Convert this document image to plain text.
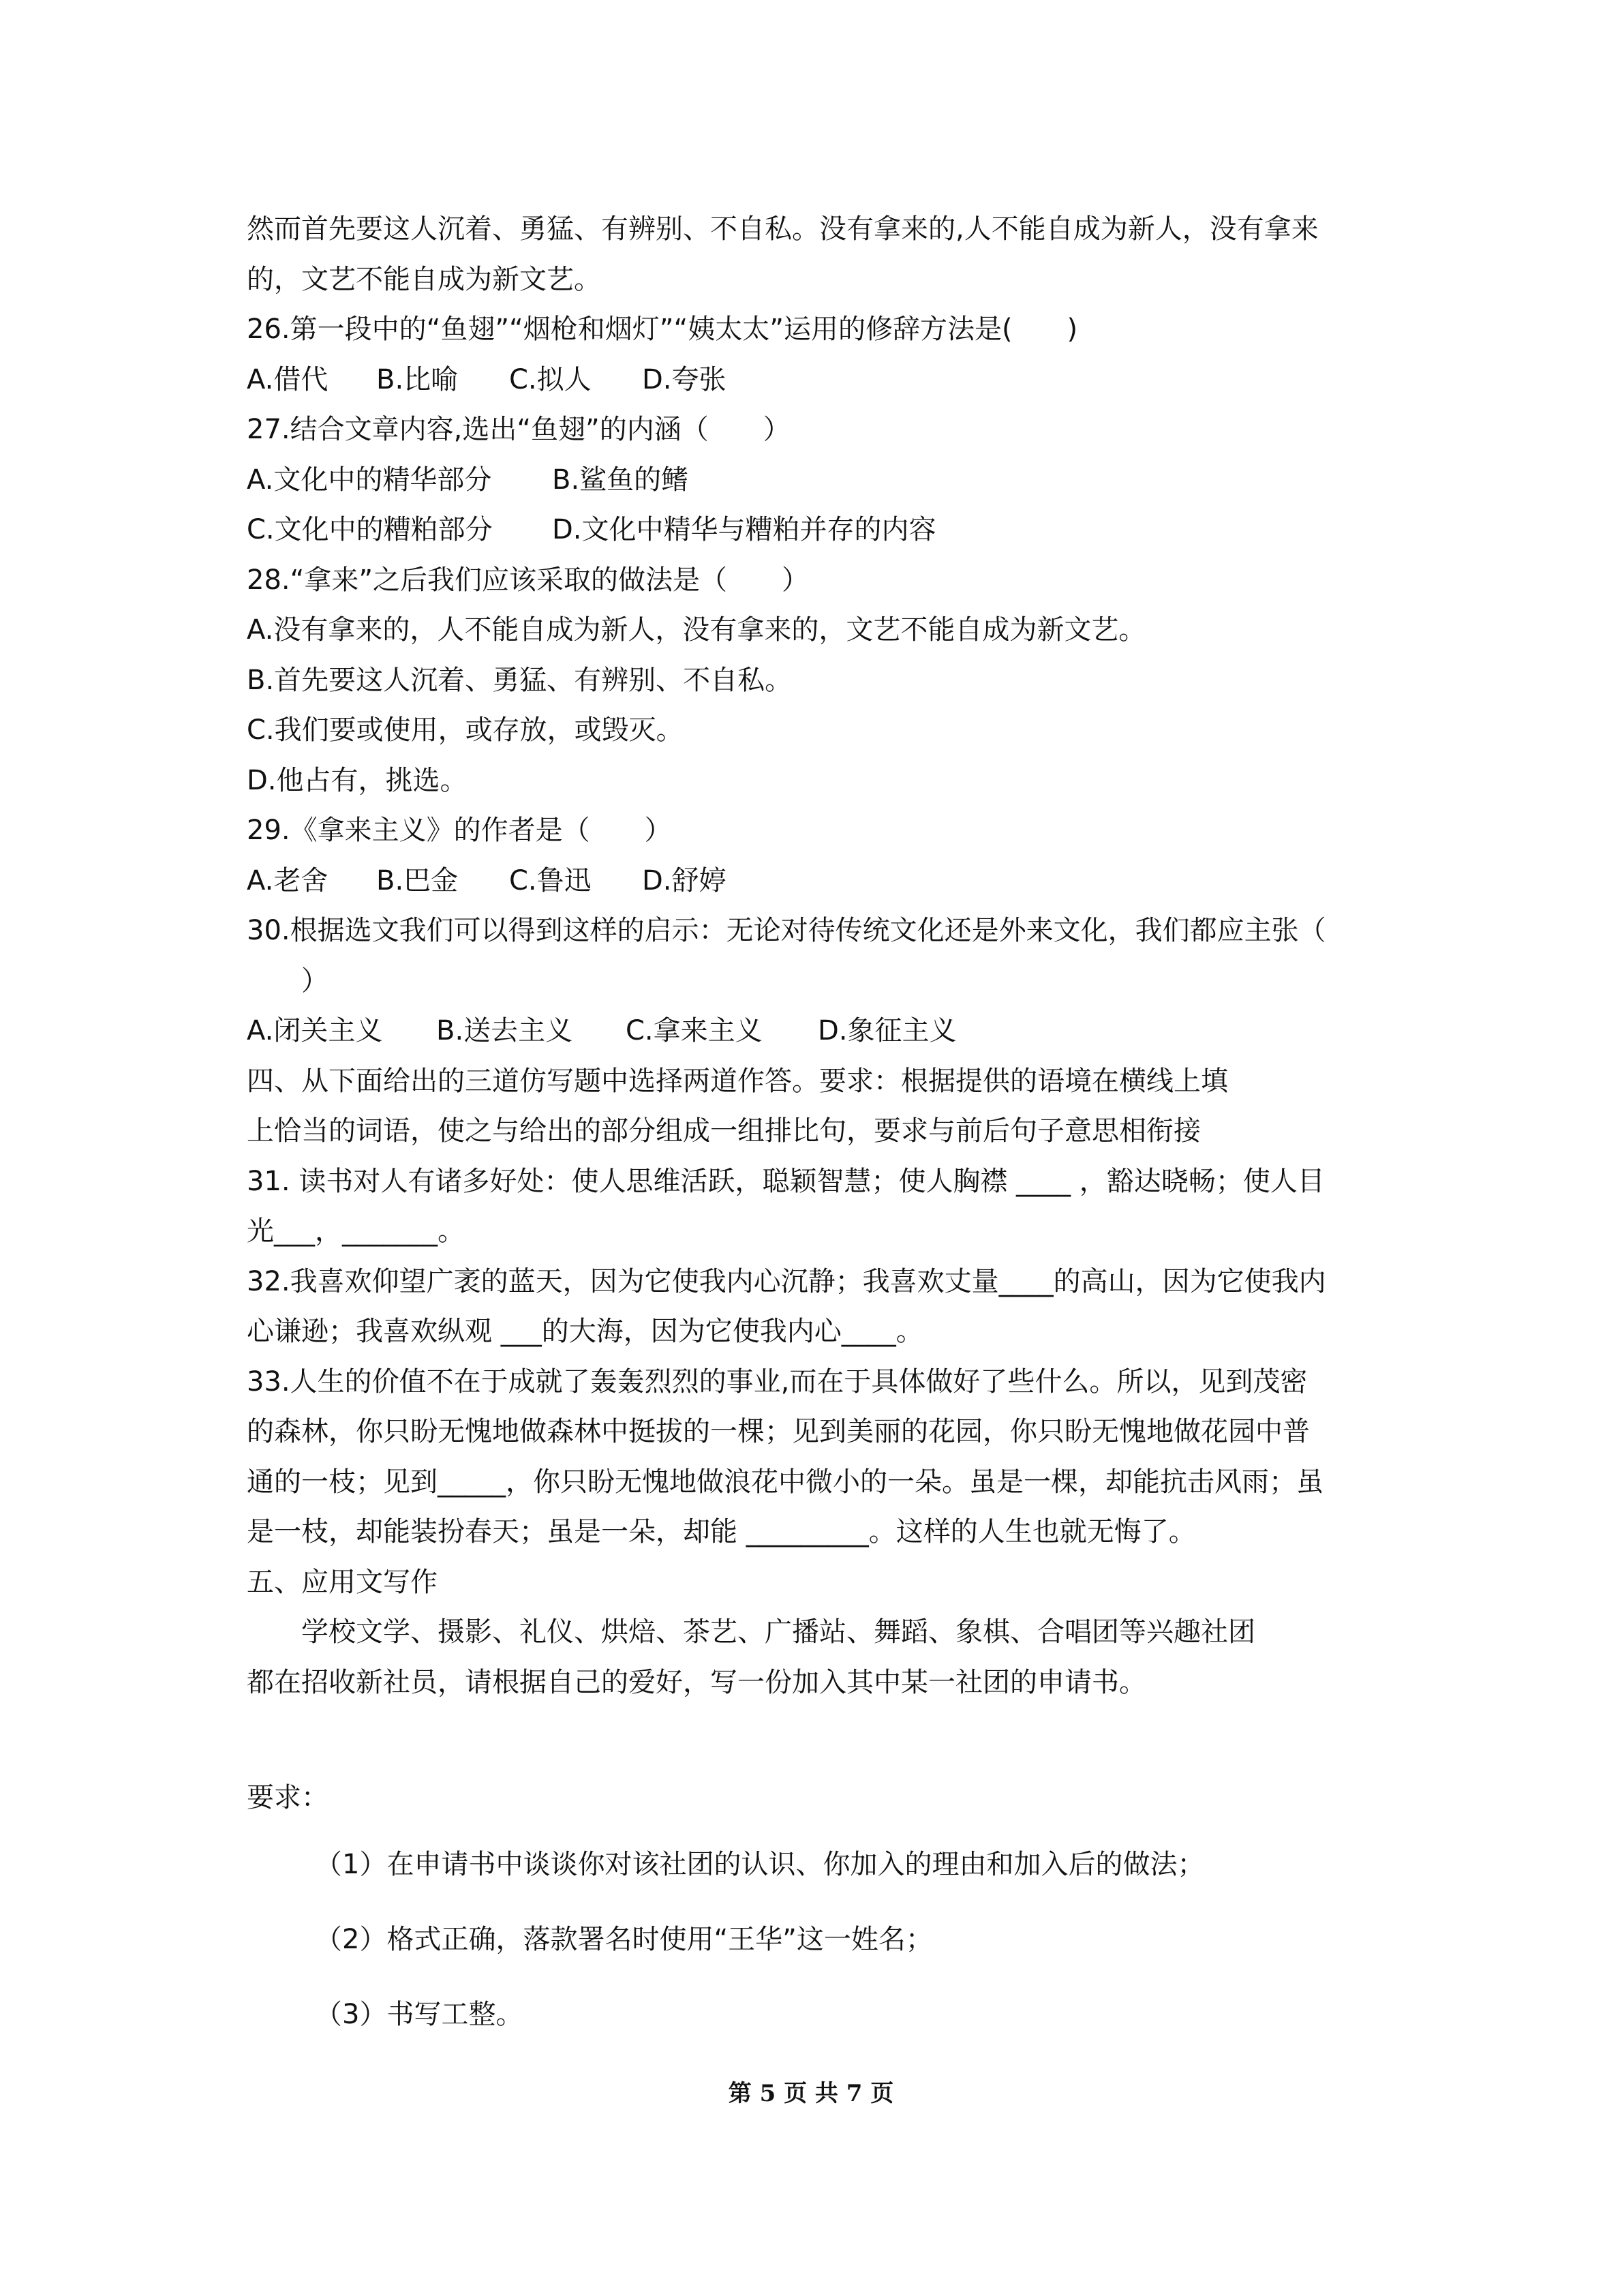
然而首先要这人沉着、勇猛、有辨别、不自私。没有拿来的,人不能自成为新人，没有拿来
的，文艺不能自成为新文艺。
26.第一段中的“鱼翅”“烟枪和烟灯”“姨太太”运用的修辞方法是(　　)
A.借代 B.比喻 C.拟人 D.夸张
27.结合文章内容,选出“鱼翅”的内涵（　　）
A.文化中的精华部分 B.鲨鱼的鳍
C.文化中的糟粕部分 D.文化中精华与糟粕并存的内容
28.“拿来”之后我们应该采取的做法是（　　）
A.没有拿来的，人不能自成为新人，没有拿来的，文艺不能自成为新文艺。
B.首先要这人沉着、勇猛、有辨别、不自私。
C.我们要或使用，或存放，或毁灭。
D.他占有，挑选。
29.《拿来主义》的作者是（　　）
A.老舍 B.巴金 C.鲁迅 D.舒婷
30.根据选文我们可以得到这样的启示：无论对待传统文化还是外来文化，我们都应主张（
　　）
A.闭关主义 B.送去主义 C.拿来主义 D.象征主义
四、从下面给出的三道仿写题中选择两道作答。要求：根据提供的语境在横线上填
上恰当的词语，使之与给出的部分组成一组排比句，要求与前后句子意思相衔接
31. 读书对人有诸多好处：使人思维活跃，聪颖智慧；使人胸襟 ____ ，豁达晓畅；使人目
光___，_______。
32.我喜欢仰望广袤的蓝天，因为它使我内心沉静；我喜欢丈量____的高山，因为它使我内
心谦逊；我喜欢纵观 ___的大海，因为它使我内心____。
33.人生的价值不在于成就了轰轰烈烈的事业,而在于具体做好了些什么。所以，见到茂密
的森林，你只盼无愧地做森林中挺拔的一棵；见到美丽的花园，你只盼无愧地做花园中普
通的一枝；见到_____，你只盼无愧地做浪花中微小的一朵。虽是一棵，却能抗击风雨；虽
是一枝，却能装扮春天；虽是一朵，却能 _________。这样的人生也就无悔了。
五、应用文写作
　　学校文学、摄影、礼仪、烘焙、茶艺、广播站、舞蹈、象棋、合唱团等兴趣社团
都在招收新社员，请根据自己的爱好，写一份加入其中某一社团的申请书。
要求：
（1）在申请书中谈谈你对该社团的认识、你加入的理由和加入后的做法；
（2）格式正确，落款署名时使用“王华”这一姓名；
（3）书写工整。
第 5 页 共 7 页
